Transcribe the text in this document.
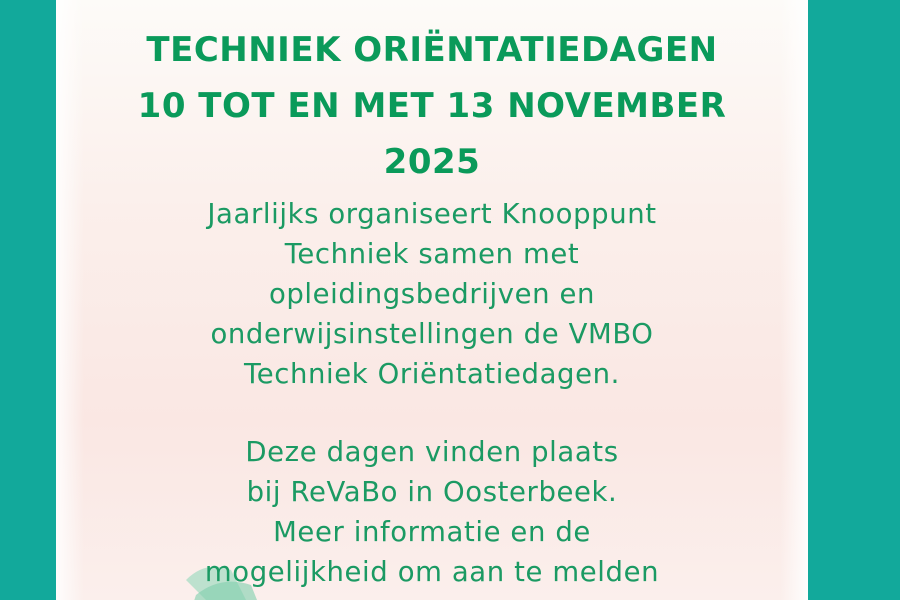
TECHNIEK ORIËNTATIEDAGEN
10 TOT EN MET 13 NOVEMBER
2025

Jaarlijks organiseert Knooppunt
Techniek samen met
opleidingsbedrijven en
onderwijsinstellingen de VMBO
Techniek Oriëntatiedagen.

Deze dagen vinden plaats
bij ReVaBo in Oosterbeek.
Meer informatie en de
mogelijkheid om aan te melden
